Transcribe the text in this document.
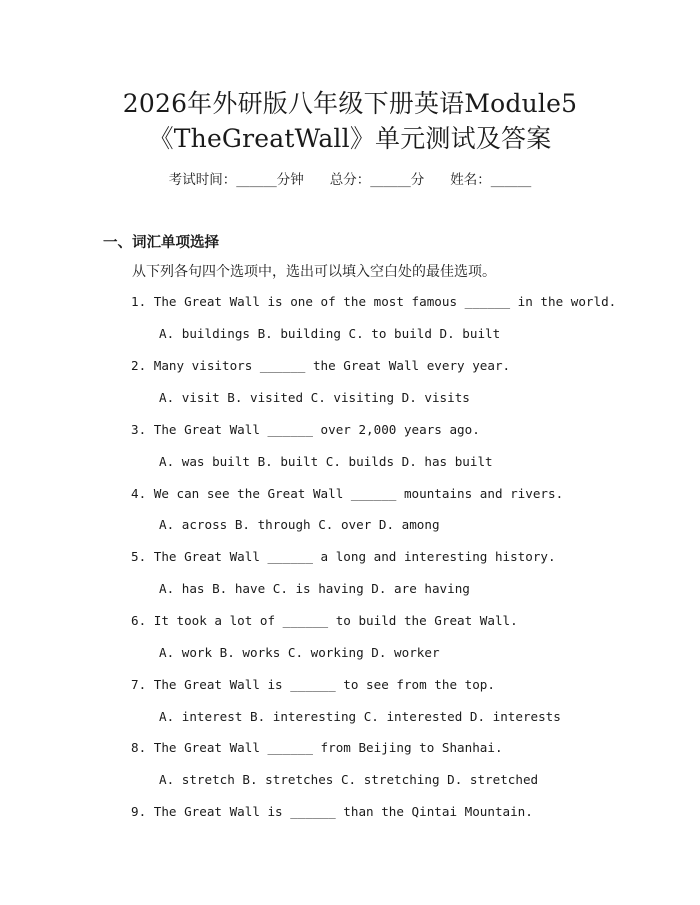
2026年外研版八年级下册英语Module5
《TheGreatWall》单元测试及答案
考试时间：______分钟 总分：______分 姓名：______
一、词汇单项选择
从下列各句四个选项中，选出可以填入空白处的最佳选项。
1. The Great Wall is one of the most famous ______ in the world.
A. buildings B. building C. to build D. built
2. Many visitors ______ the Great Wall every year.
A. visit B. visited C. visiting D. visits
3. The Great Wall ______ over 2,000 years ago.
A. was built B. built C. builds D. has built
4. We can see the Great Wall ______ mountains and rivers.
A. across B. through C. over D. among
5. The Great Wall ______ a long and interesting history.
A. has B. have C. is having D. are having
6. It took a lot of ______ to build the Great Wall.
A. work B. works C. working D. worker
7. The Great Wall is ______ to see from the top.
A. interest B. interesting C. interested D. interests
8. The Great Wall ______ from Beijing to Shanhai.
A. stretch B. stretches C. stretching D. stretched
9. The Great Wall is ______ than the Qintai Mountain.
